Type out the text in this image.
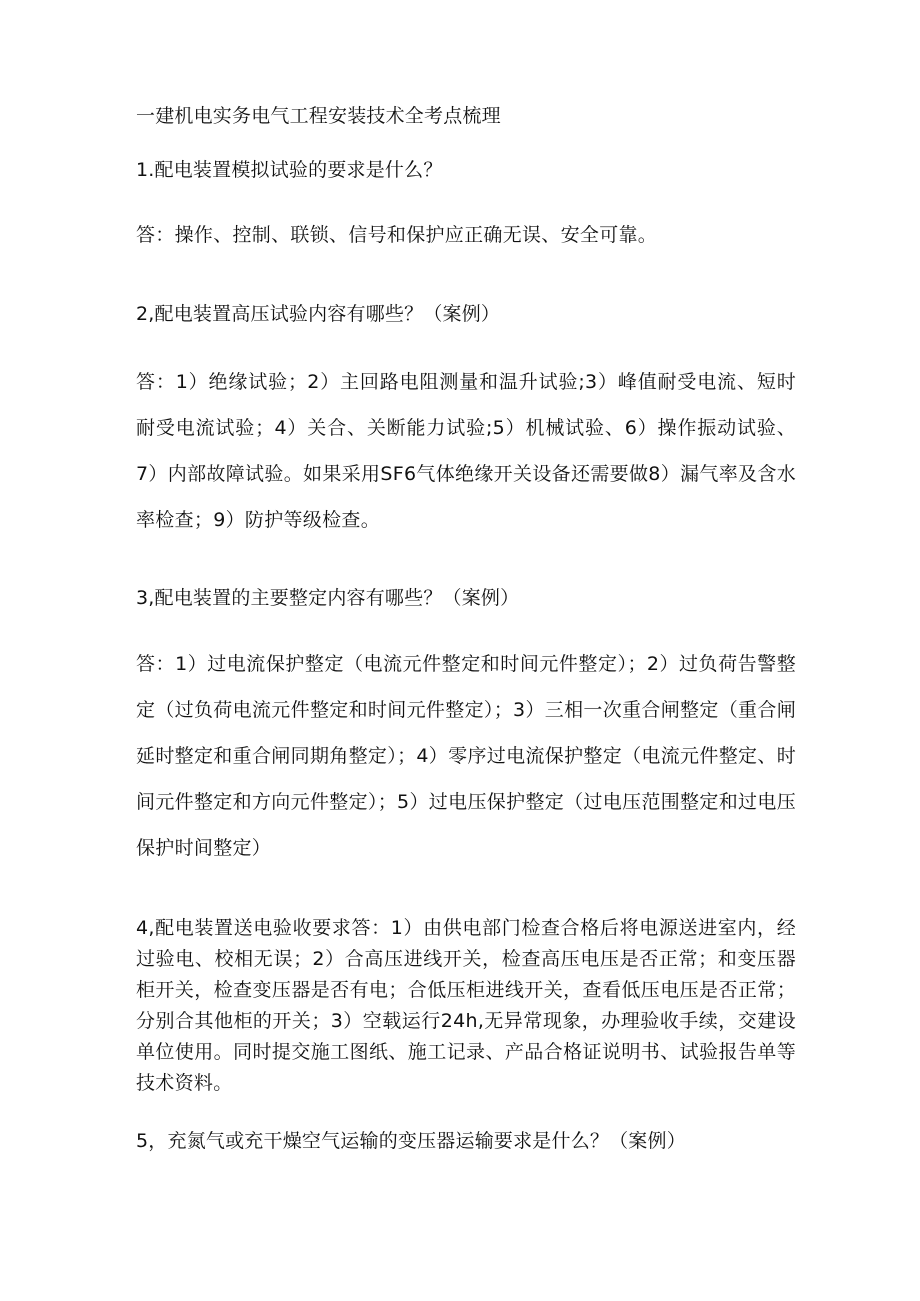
一建机电实务电气工程安装技术全考点梳理
1.配电装置模拟试验的要求是什么？
答：操作、控制、联锁、信号和保护应正确无误、安全可靠。
2,配电装置高压试验内容有哪些？（案例）
答：1）绝缘试验；2）主回路电阻测量和温升试验;3）峰值耐受电流、短时耐受电流试验；4）关合、关断能力试验;5）机械试验、6）操作振动试验、7）内部故障试验。如果采用SF6气体绝缘开关设备还需要做8）漏气率及含水率检查；9）防护等级检查。
3,配电装置的主要整定内容有哪些？（案例）
答：1）过电流保护整定（电流元件整定和时间元件整定）；2）过负荷告警整定（过负荷电流元件整定和时间元件整定）；3）三相一次重合闸整定（重合闸延时整定和重合闸同期角整定）；4）零序过电流保护整定（电流元件整定、时间元件整定和方向元件整定）；5）过电压保护整定（过电压范围整定和过电压保护时间整定）
4,配电装置送电验收要求答：1）由供电部门检查合格后将电源送进室内，经过验电、校相无误；2）合高压进线开关，检查高压电压是否正常；和变压器柜开关，检查变压器是否有电；合低压柜进线开关，查看低压电压是否正常；分别合其他柜的开关；3）空载运行24h,无异常现象，办理验收手续，交建设单位使用。同时提交施工图纸、施工记录、产品合格证说明书、试验报告单等技术资料。
5，充氮气或充干燥空气运输的变压器运输要求是什么？（案例）
